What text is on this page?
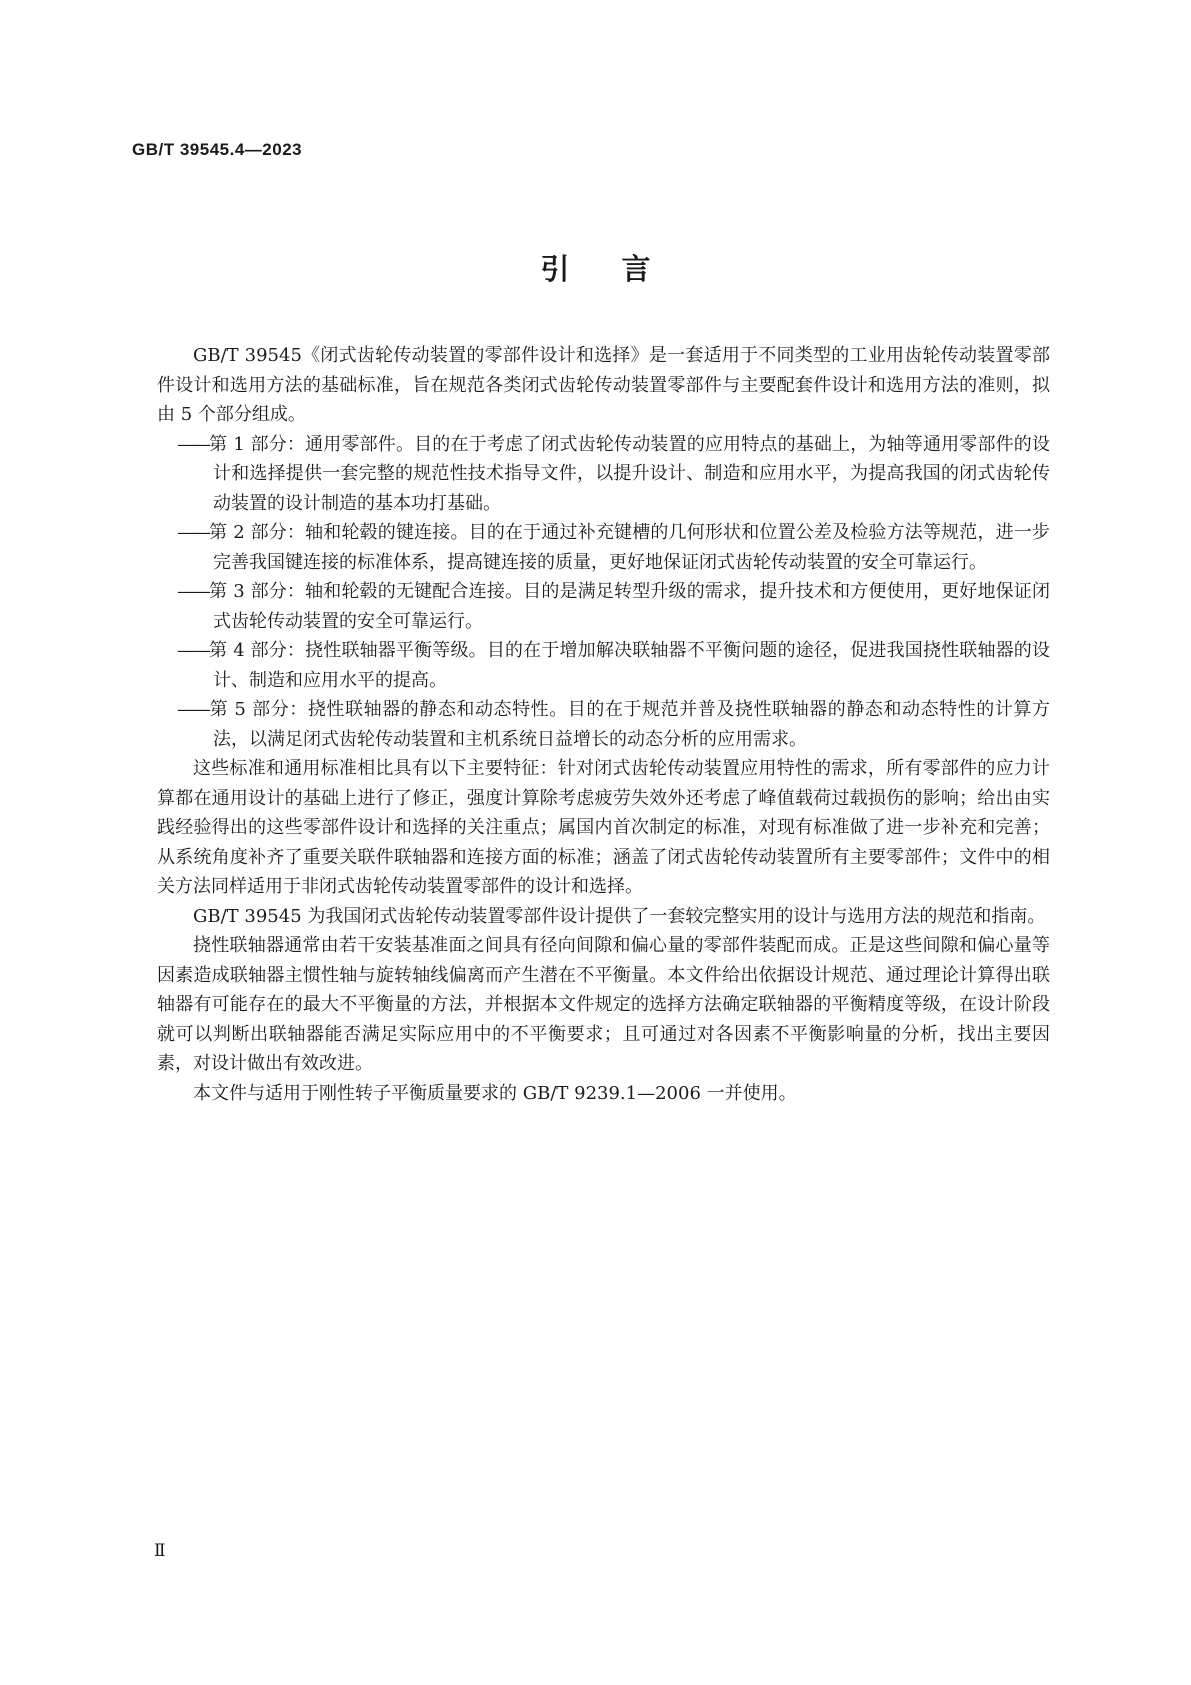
GB/T 39545.4—2023
引言

GB/T 39545《闭式齿轮传动装置的零部件设计和选择》是一套适用于不同类型的工业用齿轮传动装置零部件设计和选用方法的基础标准，旨在规范各类闭式齿轮传动装置零部件与主要配套件设计和选用方法的准则，拟由 5 个部分组成。

——第 1 部分：通用零部件。目的在于考虑了闭式齿轮传动装置的应用特点的基础上，为轴等通用零部件的设计和选择提供一套完整的规范性技术指导文件，以提升设计、制造和应用水平，为提高我国的闭式齿轮传动装置的设计制造的基本功打基础。
——第 2 部分：轴和轮毂的键连接。目的在于通过补充键槽的几何形状和位置公差及检验方法等规范，进一步完善我国键连接的标准体系，提高键连接的质量，更好地保证闭式齿轮传动装置的安全可靠运行。
——第 3 部分：轴和轮毂的无键配合连接。目的是满足转型升级的需求，提升技术和方便使用，更好地保证闭式齿轮传动装置的安全可靠运行。
——第 4 部分：挠性联轴器平衡等级。目的在于增加解决联轴器不平衡问题的途径，促进我国挠性联轴器的设计、制造和应用水平的提高。
——第 5 部分：挠性联轴器的静态和动态特性。目的在于规范并普及挠性联轴器的静态和动态特性的计算方法，以满足闭式齿轮传动装置和主机系统日益增长的动态分析的应用需求。

这些标准和通用标准相比具有以下主要特征：针对闭式齿轮传动装置应用特性的需求，所有零部件的应力计算都在通用设计的基础上进行了修正，强度计算除考虑疲劳失效外还考虑了峰值载荷过载损伤的影响；给出由实践经验得出的这些零部件设计和选择的关注重点；属国内首次制定的标准，对现有标准做了进一步补充和完善；从系统角度补齐了重要关联件联轴器和连接方面的标准；涵盖了闭式齿轮传动装置所有主要零部件；文件中的相关方法同样适用于非闭式齿轮传动装置零部件的设计和选择。

GB/T 39545 为我国闭式齿轮传动装置零部件设计提供了一套较完整实用的设计与选用方法的规范和指南。

挠性联轴器通常由若干安装基准面之间具有径向间隙和偏心量的零部件装配而成。正是这些间隙和偏心量等因素造成联轴器主惯性轴与旋转轴线偏离而产生潜在不平衡量。本文件给出依据设计规范、通过理论计算得出联轴器有可能存在的最大不平衡量的方法，并根据本文件规定的选择方法确定联轴器的平衡精度等级，在设计阶段就可以判断出联轴器能否满足实际应用中的不平衡要求；且可通过对各因素不平衡影响量的分析，找出主要因素，对设计做出有效改进。

本文件与适用于刚性转子平衡质量要求的 GB/T 9239.1—2006 一并使用。

Ⅱ
